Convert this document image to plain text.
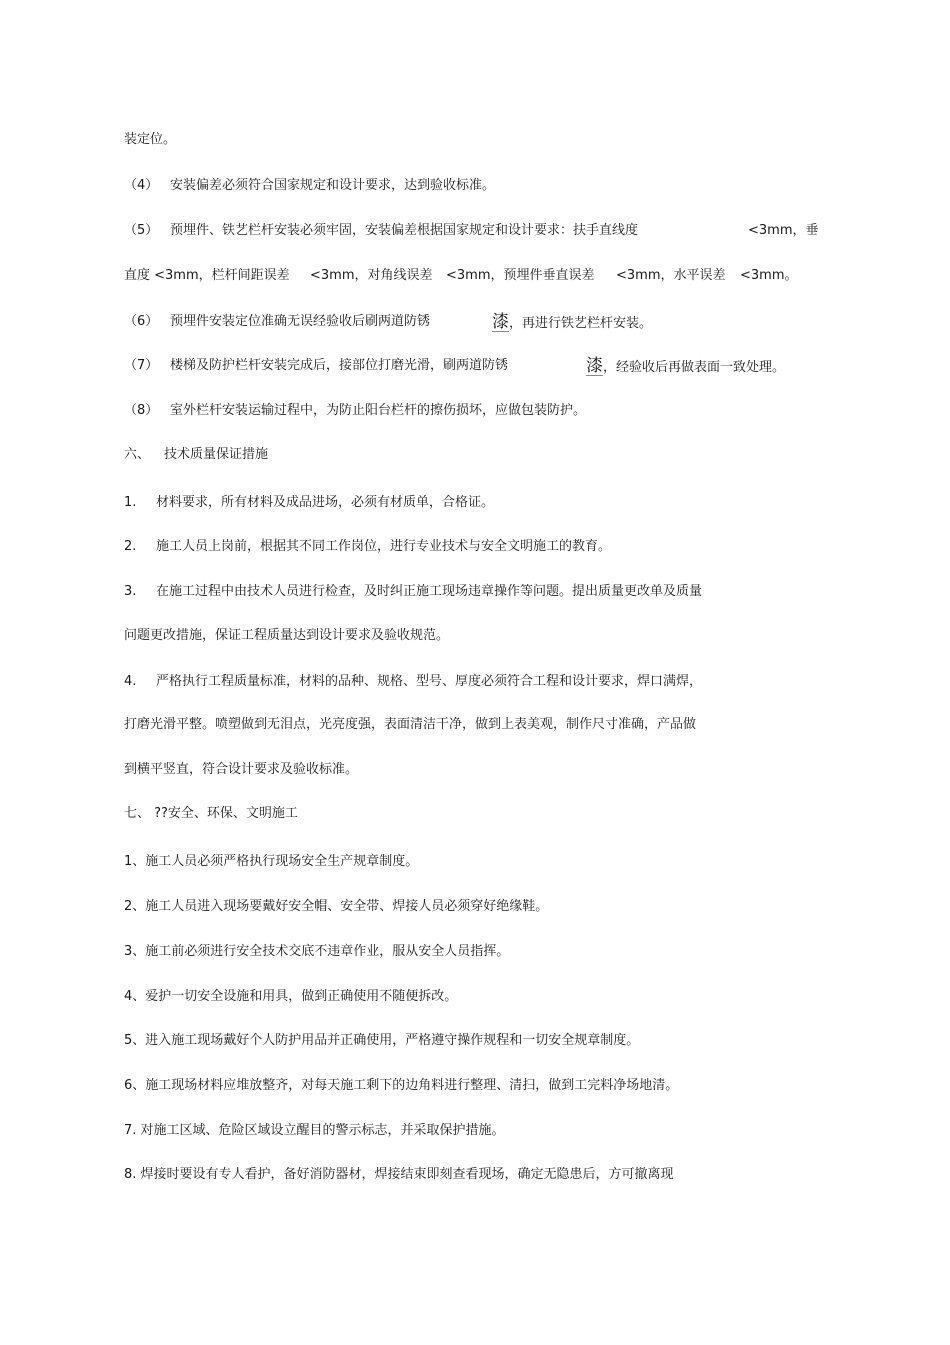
装定位。
（4） 安装偏差必须符合国家规定和设计要求，达到验收标准。
（5） 预埋件、铁艺栏杆安装必须牢固，安装偏差根据国家规定和设计要求：扶手直线度	<3mm，垂
直度 <3mm，栏杆间距误差 <3mm，对角线误差 <3mm，预埋件垂直误差 <3mm，水平误差 <3mm。
（6） 预埋件安装定位准确无误经验收后刷两道防锈	漆，再进行铁艺栏杆安装。
（7） 楼梯及防护栏杆安装完成后，接部位打磨光滑，刷两道防锈	漆，经验收后再做表面一致处理。
（8） 室外栏杆安装运输过程中，为防止阳台栏杆的擦伤损坏，应做包装防护。
六、 技术质量保证措施
1. 材料要求，所有材料及成品进场，必须有材质单，合格证。
2. 施工人员上岗前，根据其不同工作岗位，进行专业技术与安全文明施工的教育。
3. 在施工过程中由技术人员进行检查，及时纠正施工现场违章操作等问题。提出质量更改单及质量
问题更改措施，保证工程质量达到设计要求及验收规范。
4. 严格执行工程质量标准，材料的品种、规格、型号、厚度必须符合工程和设计要求，焊口满焊，
打磨光滑平整。喷塑做到无泪点，光亮度强，表面清洁干净，做到上表美观，制作尺寸准确，产品做
到横平竖直，符合设计要求及验收标准。
七、 ??安全、环保、文明施工
1、施工人员必须严格执行现场安全生产规章制度。
2、施工人员进入现场要戴好安全帽、安全带、焊接人员必须穿好绝缘鞋。
3、施工前必须进行安全技术交底不违章作业，服从安全人员指挥。
4、爱护一切安全设施和用具，做到正确使用不随便拆改。
5、进入施工现场戴好个人防护用品并正确使用，严格遵守操作规程和一切安全规章制度。
6、施工现场材料应堆放整齐，对每天施工剩下的边角料进行整理、清扫，做到工完料净场地清。
7. 对施工区域、危险区域设立醒目的警示标志，并采取保护措施。
8. 焊接时要设有专人看护，备好消防器材，焊接结束即刻查看现场，确定无隐患后，方可撤离现
